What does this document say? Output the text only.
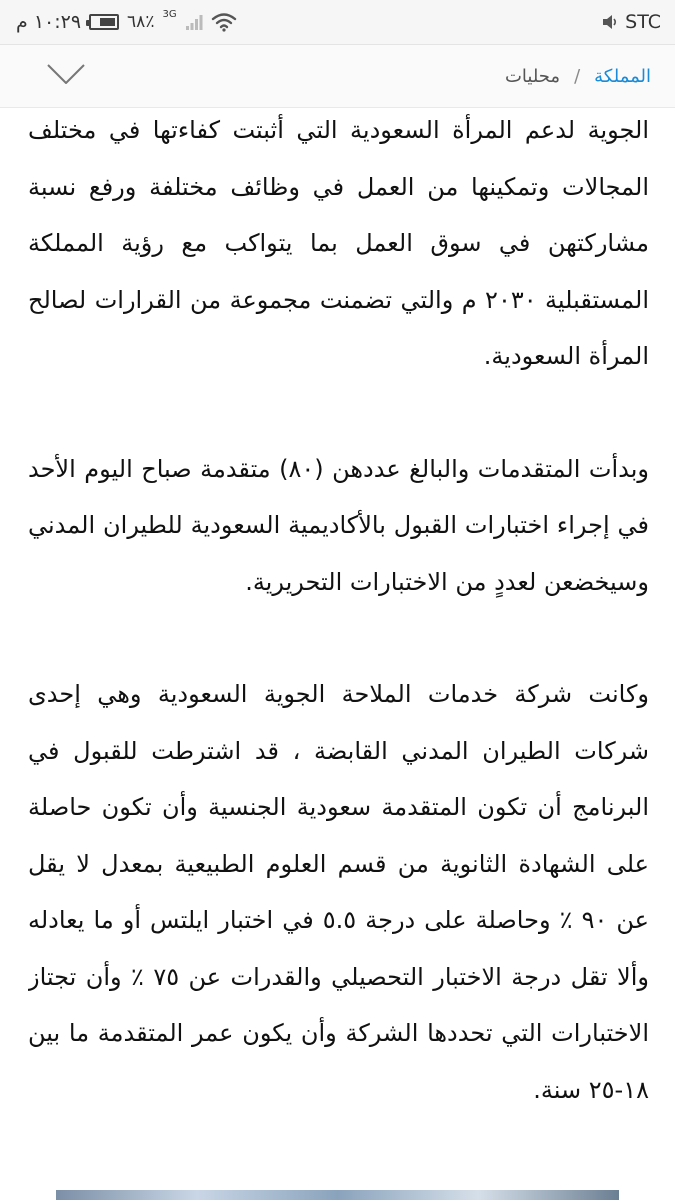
١٠:٢٩ م	٦٨٪ 3G	STC
المملكة
/
محليات

الجوية لدعم المرأة السعودية التي أثبتت كفاءتها في مختلف المجالات وتمكينها من العمل في وظائف مختلفة ورفع نسبة مشاركتهن في سوق العمل بما يتواكب مع رؤية المملكة المستقبلية ٢٠٣٠ م والتي تضمنت مجموعة من القرارات لصالح المرأة السعودية.

وبدأت المتقدمات والبالغ عددهن (٨٠) متقدمة صباح اليوم الأحد في إجراء اختبارات القبول بالأكاديمية السعودية للطيران المدني وسيخضعن لعددٍ من الاختبارات التحريرية.

وكانت شركة خدمات الملاحة الجوية السعودية وهي إحدى شركات الطيران المدني القابضة ، قد اشترطت للقبول في البرنامج أن تكون المتقدمة سعودية الجنسية وأن تكون حاصلة على الشهادة الثانوية من قسم العلوم الطبيعية بمعدل لا يقل عن ٩٠ ٪ وحاصلة على درجة ٥.٥ في اختبار ايلتس أو ما يعادله وألا تقل درجة الاختبار التحصيلي والقدرات عن ٧٥ ٪ وأن تجتاز الاختبارات التي تحددها الشركة وأن يكون عمر المتقدمة ما بين ١٨-٢٥ سنة.
